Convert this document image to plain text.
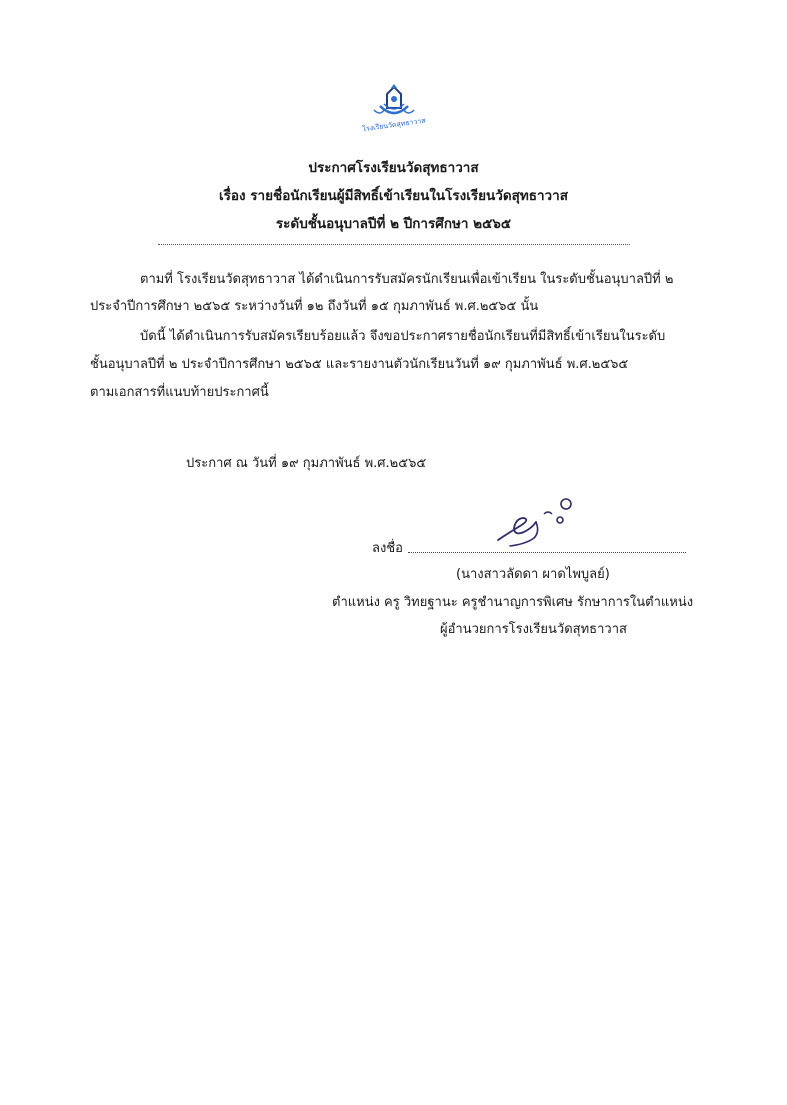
โรงเรียนวัดสุทธาวาส
ประกาศโรงเรียนวัดสุทธาวาส
เรื่อง รายชื่อนักเรียนผู้มีสิทธิ์เข้าเรียนในโรงเรียนวัดสุทธาวาส
ระดับชั้นอนุบาลปีที่ ๒ ปีการศึกษา ๒๕๖๕
ตามที่ โรงเรียนวัดสุทธาวาส ได้ดำเนินการรับสมัครนักเรียนเพื่อเข้าเรียน ในระดับชั้นอนุบาลปีที่ ๒
ประจำปีการศึกษา ๒๕๖๕ ระหว่างวันที่ ๑๒ ถึงวันที่ ๑๕ กุมภาพันธ์ พ.ศ.๒๕๖๕ นั้น
บัดนี้ ได้ดำเนินการรับสมัครเรียบร้อยแล้ว จึงขอประกาศรายชื่อนักเรียนที่มีสิทธิ์เข้าเรียนในระดับ
ชั้นอนุบาลปีที่ ๒ ประจำปีการศึกษา ๒๕๖๕ และรายงานตัวนักเรียนวันที่ ๑๙ กุมภาพันธ์ พ.ศ.๒๕๖๕
ตามเอกสารที่แนบท้ายประกาศนี้
ประกาศ ณ วันที่ ๑๙ กุมภาพันธ์ พ.ศ.๒๕๖๕
ลงชื่อ
(นางสาวลัดดา ผาดไพบูลย์)
ตำแหน่ง ครู วิทยฐานะ ครูชำนาญการพิเศษ รักษาการในตำแหน่ง
ผู้อำนวยการโรงเรียนวัดสุทธาวาส
